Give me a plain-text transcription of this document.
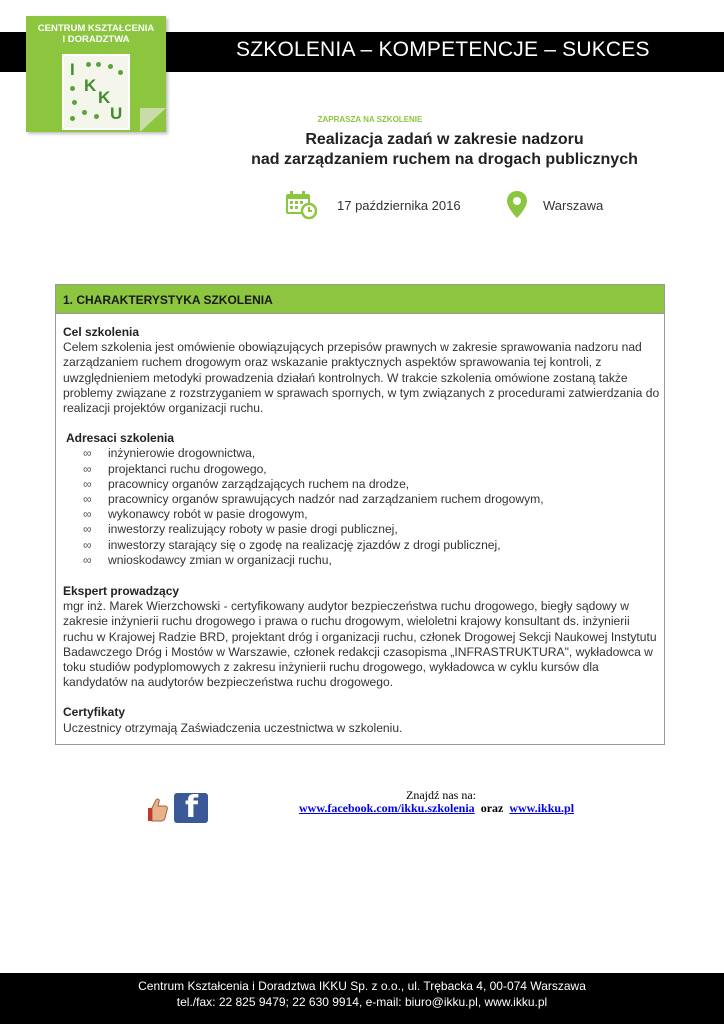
SZKOLENIA – KOMPETENCJE – SUKCES
CENTRUM KSZTAŁCENIA
I DORADZTWA
I
K
K
U	ZAPRASZA NA SZKOLENIE
Realizacja zadań w zakresie nadzoru
nad zarządzaniem ruchem na drogach publicznych
17 października 2016	Warszawa
1. CHARAKTERYSTYKA SZKOLENIA
Cel szkolenia

Celem szkolenia jest omówienie obowiązujących przepisów prawnych w zakresie sprawowania nadzoru nad zarządzaniem ruchem drogowym oraz wskazanie praktycznych aspektów sprawowania tej kontroli, z uwzględnieniem metodyki prowadzenia działań kontrolnych. W trakcie szkolenia omówione zostaną także problemy związane z rozstrzyganiem w sprawach spornych, w tym związanych z procedurami zatwierdzania do realizacji projektów organizacji ruchu.

Adresaci szkolenia
∞ inżynierowie drogownictwa,
∞ projektanci ruchu drogowego,
∞ pracownicy organów zarządzających ruchem na drodze,
∞ pracownicy organów sprawujących nadzór nad zarządzaniem ruchem drogowym,
∞ wykonawcy robót w pasie drogowym,
∞ inwestorzy realizujący roboty w pasie drogi publicznej,
∞ inwestorzy starający się o zgodę na realizację zjazdów z drogi publicznej,
∞ wnioskodawcy zmian w organizacji ruchu,
Ekspert prowadzący

mgr inż. Marek Wierzchowski - certyfikowany audytor bezpieczeństwa ruchu drogowego, biegły sądowy w zakresie inżynierii ruchu drogowego i prawa o ruchu drogowym, wieloletni krajowy konsultant ds. inżynierii ruchu w Krajowej Radzie BRD, projektant dróg i organizacji ruchu, członek Drogowej Sekcji Naukowej Instytutu Badawczego Dróg i Mostów w Warszawie, członek redakcji czasopisma „INFRASTRUKTURA", wykładowca w toku studiów podyplomowych z zakresu inżynierii ruchu drogowego, wykładowca w cyklu kursów dla kandydatów na audytorów bezpieczeństwa ruchu drogowego.

Certyfikaty

Uczestnicy otrzymają Zaświadczenia uczestnictwa w szkoleniu.

f	Znajdź nas na:
www.facebook.com/ikku.szkolenia oraz www.ikku.pl
Centrum Kształcenia i Doradztwa IKKU Sp. z o.o., ul. Trębacka 4, 00-074 Warszawa
tel./fax: 22 825 9479; 22 630 9914, e-mail: biuro@ikku.pl, www.ikku.pl
